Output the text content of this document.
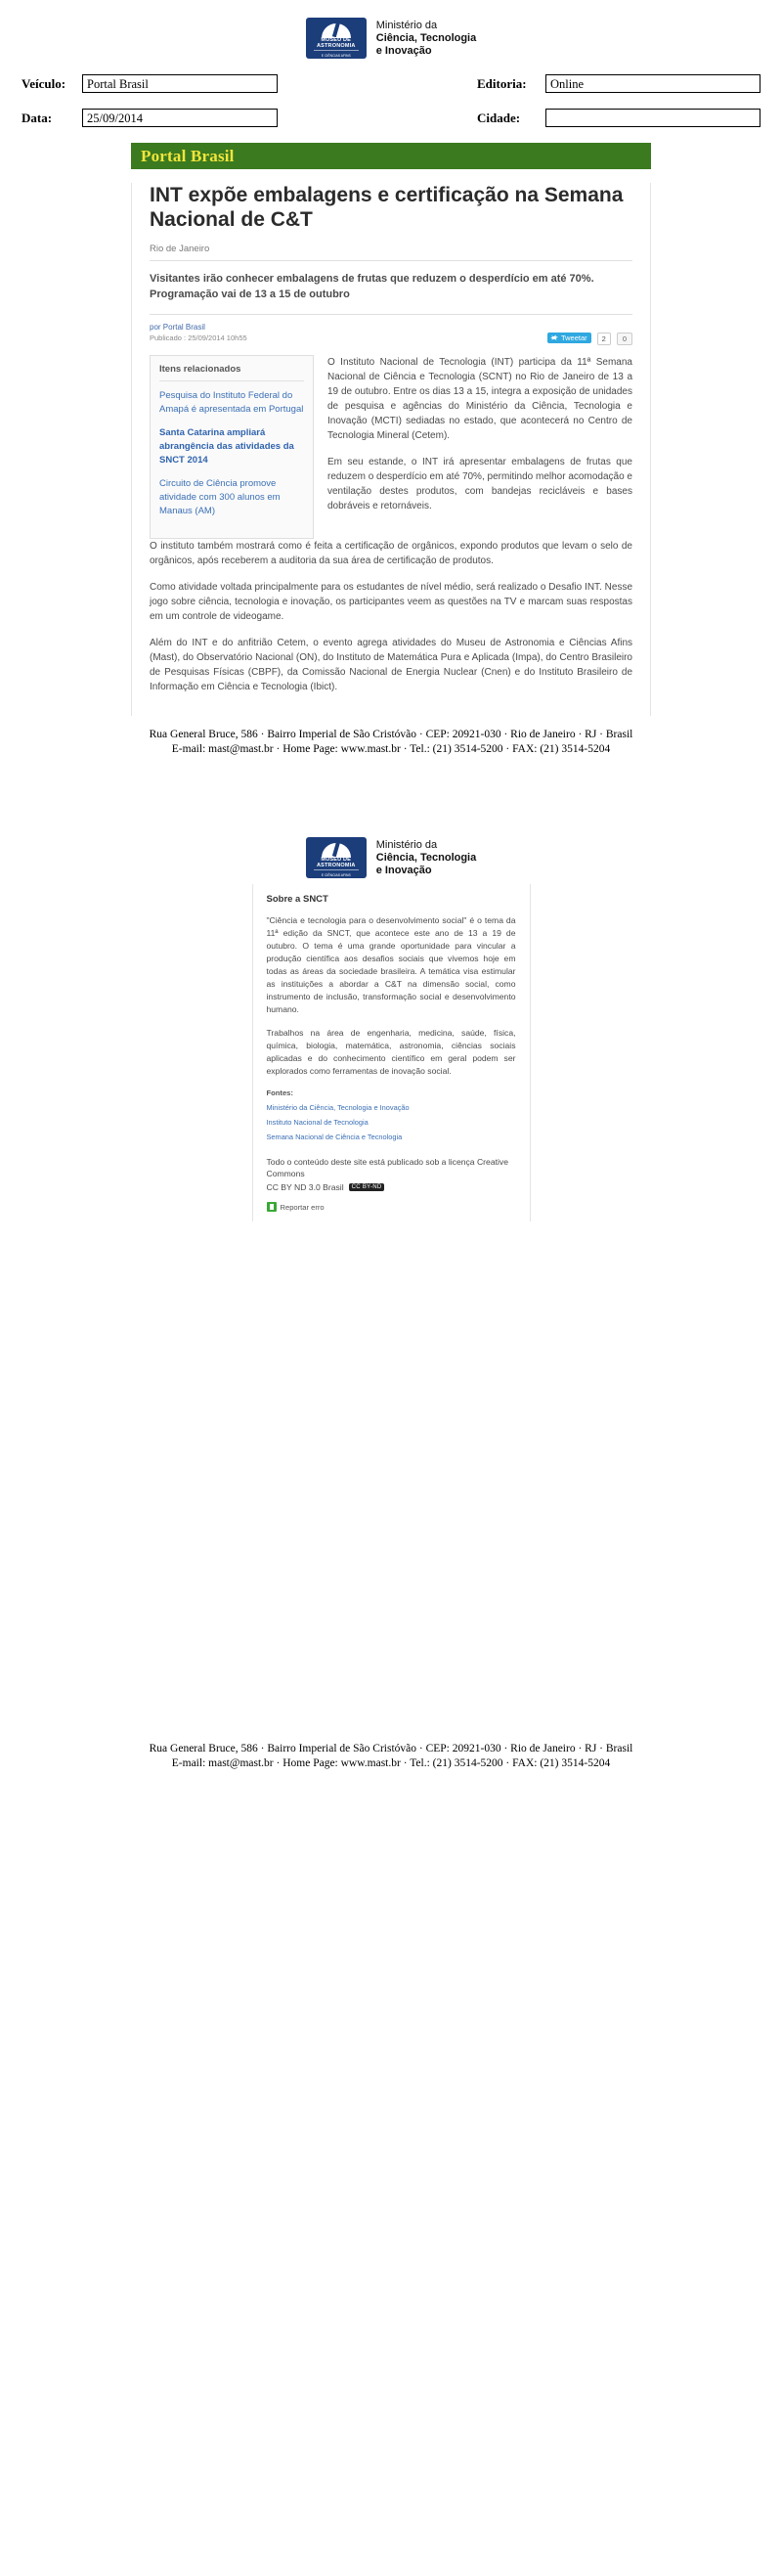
MUSEU DE
ASTRONOMIA
E CIÊNCIAS AFINS
Ministério da
Ciência, Tecnologia
e Inovação
Veículo:	Portal Brasil	Editoria:	Online
Data:	25/09/2014	Cidade:
Portal Brasil
INT expõe embalagens e certificação na Semana Nacional de C&T
Rio de Janeiro
Visitantes irão conhecer embalagens de frutas que reduzem o desperdício em até 70%. Programação vai de 13 a 15 de outubro
por Portal Brasil
Publicado : 25/09/2014 10h55	Tweetar	2	0
Itens relacionados
Pesquisa do Instituto Federal do Amapá é apresentada em Portugal
Santa Catarina ampliará abrangência das atividades da SNCT 2014
Circuito de Ciência promove atividade com 300 alunos em Manaus (AM)

O Instituto Nacional de Tecnologia (INT) participa da 11ª Semana Nacional de Ciência e Tecnologia (SCNT) no Rio de Janeiro de 13 a 19 de outubro. Entre os dias 13 a 15, integra a exposição de unidades de pesquisa e agências do Ministério da Ciência, Tecnologia e Inovação (MCTI) sediadas no estado, que acontecerá no Centro de Tecnologia Mineral (Cetem).

Em seu estande, o INT irá apresentar embalagens de frutas que reduzem o desperdício em até 70%, permitindo melhor acomodação e ventilação destes produtos, com bandejas recicláveis e bases dobráveis e retornáveis.

O instituto também mostrará como é feita a certificação de orgânicos, expondo produtos que levam o selo de orgânicos, após receberem a auditoria da sua área de certificação de produtos.

Como atividade voltada principalmente para os estudantes de nível médio, será realizado o Desafio INT. Nesse jogo sobre ciência, tecnologia e inovação, os participantes veem as questões na TV e marcam suas respostas em um controle de videogame.

Além do INT e do anfitrião Cetem, o evento agrega atividades do Museu de Astronomia e Ciências Afins (Mast), do Observatório Nacional (ON), do Instituto de Matemática Pura e Aplicada (Impa), do Centro Brasileiro de Pesquisas Físicas (CBPF), da Comissão Nacional de Energia Nuclear (Cnen) e do Instituto Brasileiro de Informação em Ciência e Tecnologia (Ibict).

Rua General Bruce, 586 · Bairro Imperial de São Cristóvão · CEP: 20921-030 · Rio de Janeiro · RJ · Brasil
E-mail: mast@mast.br · Home Page: www.mast.br · Tel.: (21) 3514-5200 · FAX: (21) 3514-5204
MUSEU DE
ASTRONOMIA
E CIÊNCIAS AFINS
Ministério da
Ciência, Tecnologia
e Inovação
Sobre a SNCT

"Ciência e tecnologia para o desenvolvimento social" é o tema da 11ª edição da SNCT, que acontece este ano de 13 a 19 de outubro. O tema é uma grande oportunidade para vincular a produção científica aos desafios sociais que vivemos hoje em todas as áreas da sociedade brasileira. A temática visa estimular as instituições a abordar a C&T na dimensão social, como instrumento de inclusão, transformação social e desenvolvimento humano.

Trabalhos na área de engenharia, medicina, saúde, física, química, biologia, matemática, astronomia, ciências sociais aplicadas e do conhecimento científico em geral podem ser explorados como ferramentas de inovação social.

Fontes:
Ministério da Ciência, Tecnologia e Inovação
Instituto Nacional de Tecnologia
Semana Nacional de Ciência e Tecnologia
Todo o conteúdo deste site está publicado sob a licença Creative Commons
CC BY ND 3.0 Brasil	CC BY-ND
Reportar erro
Rua General Bruce, 586 · Bairro Imperial de São Cristóvão · CEP: 20921-030 · Rio de Janeiro · RJ · Brasil
E-mail: mast@mast.br · Home Page: www.mast.br · Tel.: (21) 3514-5200 · FAX: (21) 3514-5204
